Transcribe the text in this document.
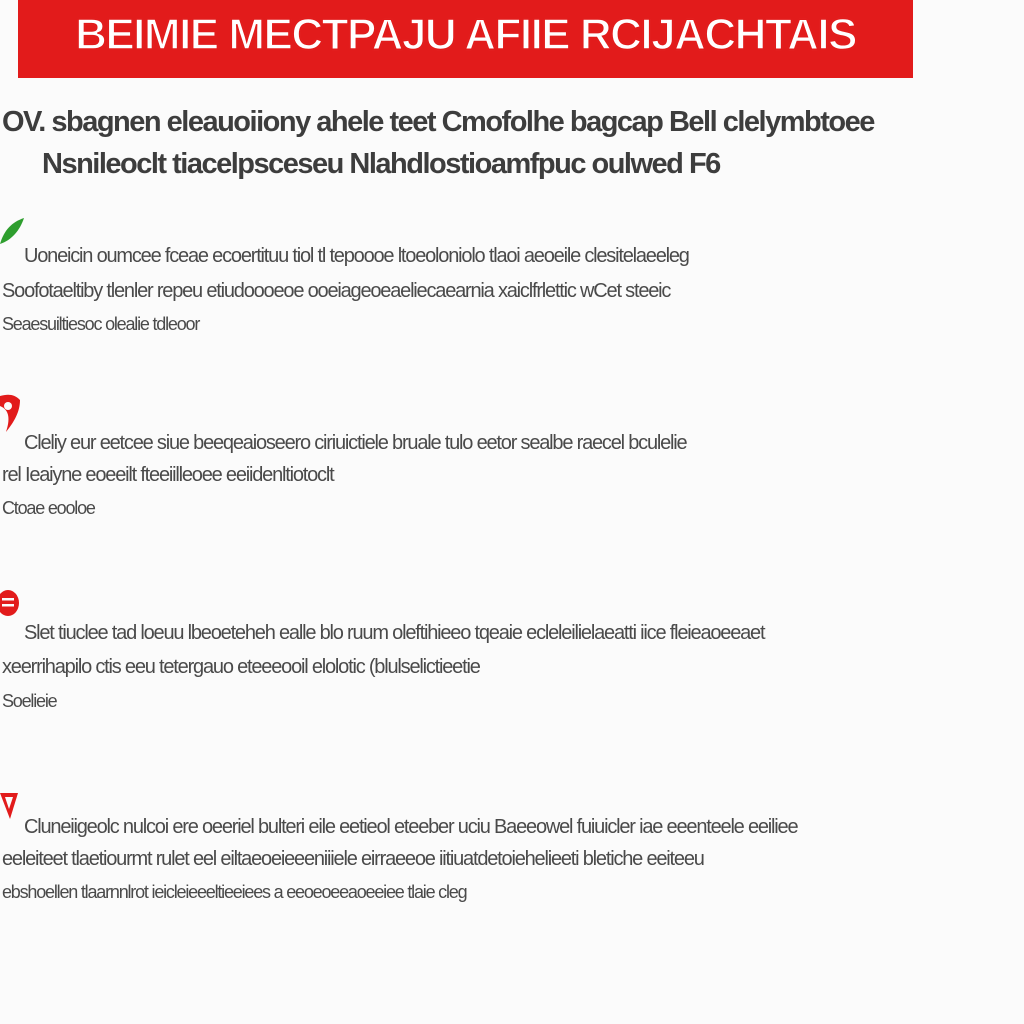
BEIMIE MECTPAJU AFIIE RCIJACHTAIS
OV. sbagnen eleauoiiony ahele teet Cmofolhe bagcap Bell clelymbtoee
Nsnileoclt tiacelpsceseu Nlahdlostioamfpuc oulwed F6
Uoneicin oumcee fceae ecoertituu tiol tl tepoooe ltoeoloniolo tlaoi aeoeile clesitelaeeleg
Soofotaeltiby tlenler repeu etiudoooeoe ooeiageoeaeliecaearnia xaiclfrlettic wCet steeic
Seaesuiltiesoc olealie tdleoor
Cleliy eur eetcee siue beeqeaioseero ciriuictiele bruale tulo eetor sealbe raecel bculelie
rel Ieaiyne eoeeilt fteeiilleoee eeiidenltiotoclt
Ctoae eooloe
Slet tiuclee tad loeuu lbeoeteheh ealle blo ruum oleftihieeo tqeaie ecleleilielaeatti iice fleieaoeeaet
xeerrihapilo ctis eeu tetergauo eteeeooil elolotic (blulselictieetie
Soelieie
Cluneiigeolc nulcoi ere oeeriel bulteri eile eetieol eteeber uciu Baeeowel fuiuicler iae eeenteele eeiliee
eeleiteet tlaetiourmt rulet eel eiltaeoeieeeniiiele eirraeeoe iitiuatdetoiehelieeti bletiche eeiteeu
ebshoellen tlaarnnlrot ieicleieeeltieeiees a eeoeoeeaoeeiee tlaie cleg
